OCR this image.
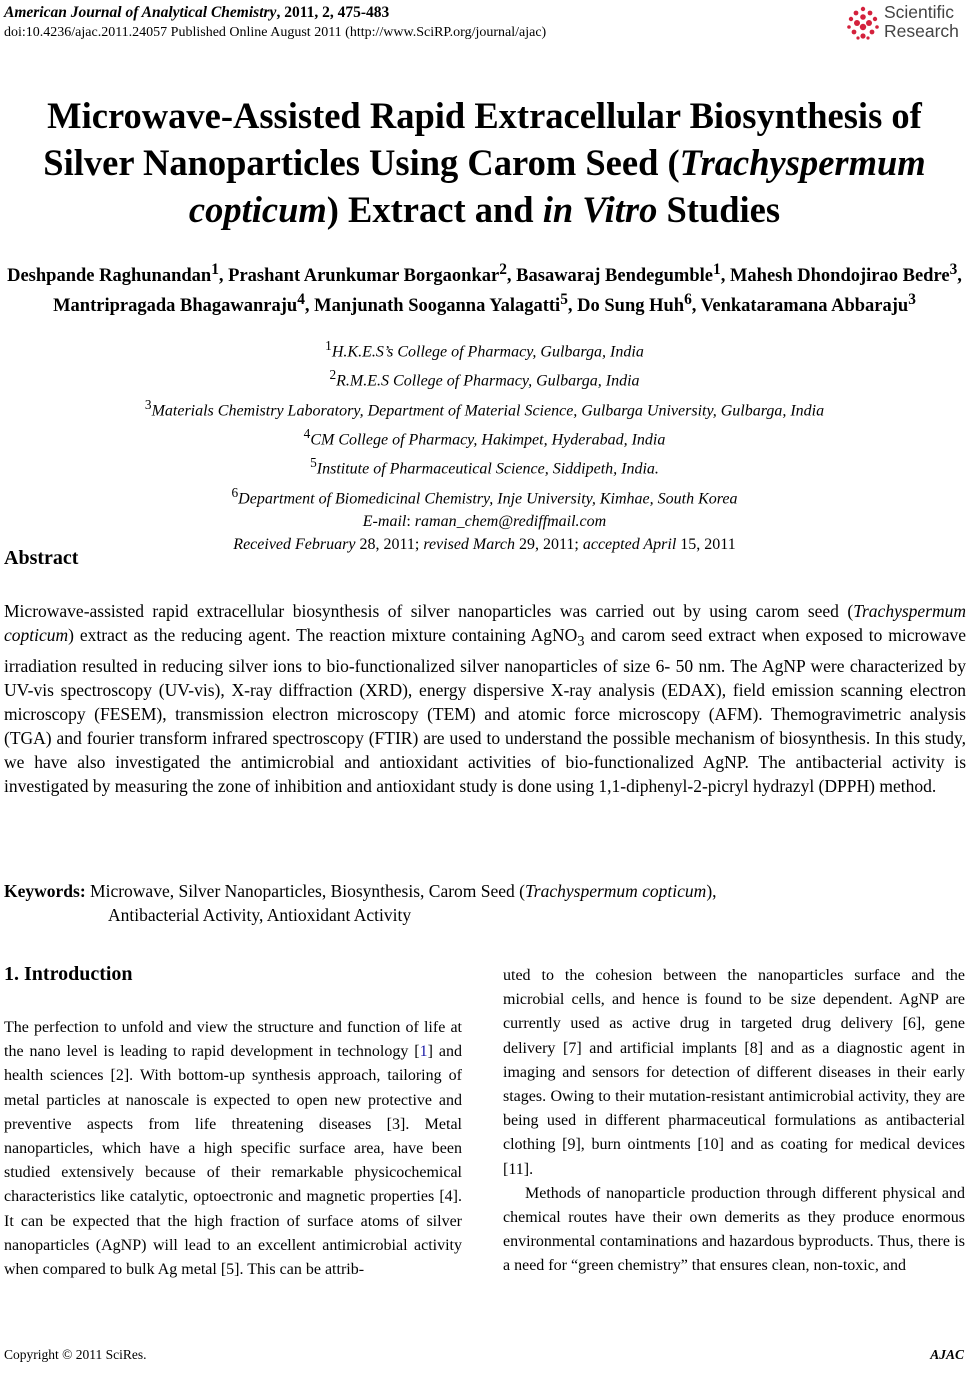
American Journal of Analytical Chemistry, 2011, 2, 475-483
doi:10.4236/ajac.2011.24057 Published Online August 2011 (http://www.SciRP.org/journal/ajac)
Scientific
Research
Microwave-Assisted Rapid Extracellular Biosynthesis of Silver Nanoparticles Using Carom Seed (Trachyspermum copticum) Extract and in Vitro Studies
Deshpande Raghunandan$^1$, Prashant Arunkumar Borgaonkar$^2$, Basawaraj Bendegumble$^1$, Mahesh Dhondojirao Bedre$^3$, Mantripragada Bhagawanraju$^4$, Manjunath Sooganna Yalagatti$^5$, Do Sung Huh$^6$, Venkataramana Abbaraju$^3$
$^1$H.K.E.S’s College of Pharmacy, Gulbarga, India
$^2$R.M.E.S College of Pharmacy, Gulbarga, India
$^3$Materials Chemistry Laboratory, Department of Material Science, Gulbarga University, Gulbarga, India
$^4$CM College of Pharmacy, Hakimpet, Hyderabad, India
$^5$Institute of Pharmaceutical Science, Siddipeth, India.
$^6$Department of Biomedicinal Chemistry, Inje University, Kimhae, South Korea
E-mail: raman_chem@rediffmail.com
Received February 28, 2011; revised March 29, 2011; accepted April 15, 2011
Abstract
Microwave-assisted rapid extracellular biosynthesis of silver nanoparticles was carried out by using carom seed (Trachyspermum copticum) extract as the reducing agent. The reaction mixture containing AgNO$_3$ and carom seed extract when exposed to microwave irradiation resulted in reducing silver ions to bio-functionalized silver nanoparticles of size 6- 50 nm. The AgNP were characterized by UV-vis spectroscopy (UV-vis), X-ray diffraction (XRD), energy dispersive X-ray analysis (EDAX), field emission scanning electron microscopy (FESEM), transmission electron microscopy (TEM) and atomic force microscopy (AFM). Themogravimetric analysis (TGA) and fourier transform infrared spectroscopy (FTIR) are used to understand the possible mechanism of biosynthesis. In this study, we have also investigated the antimicrobial and antioxidant activities of bio-functionalized AgNP. The antibacterial activity is investigated by measuring the zone of inhibition and antioxidant study is done using 1,1-diphenyl-2-picryl hydrazyl (DPPH) method.
Keywords: Microwave, Silver Nanoparticles, Biosynthesis, Carom Seed (Trachyspermum copticum),
Antibacterial Activity, Antioxidant Activity
1. Introduction

The perfection to unfold and view the structure and function of life at the nano level is leading to rapid development in technology [1] and health sciences [2]. With bottom-up synthesis approach, tailoring of metal particles at nanoscale is expected to open new protective and preventive aspects from life threatening diseases [3]. Metal nanoparticles, which have a high specific surface area, have been studied extensively because of their remarkable physicochemical characteristics like catalytic, optoectronic and magnetic properties [4]. It can be expected that the high fraction of surface atoms of silver nanoparticles (AgNP) will lead to an excellent antimicrobial activity when compared to bulk Ag metal [5]. This can be attrib-

uted to the cohesion between the nanoparticles surface and the microbial cells, and hence is found to be size dependent. AgNP are currently used as active drug in targeted drug delivery [6], gene delivery [7] and artificial implants [8] and as a diagnostic agent in imaging and sensors for detection of different diseases in their early stages. Owing to their mutation-resistant antimicrobial activity, they are being used in different pharmaceutical formulations as antibacterial clothing [9], burn ointments [10] and as coating for medical devices [11].

Methods of nanoparticle production through different physical and chemical routes have their own demerits as they produce enormous environmental contaminations and hazardous byproducts. Thus, there is a need for “green chemistry” that ensures clean, non-toxic, and

Copyright © 2011 SciRes.	AJAC
